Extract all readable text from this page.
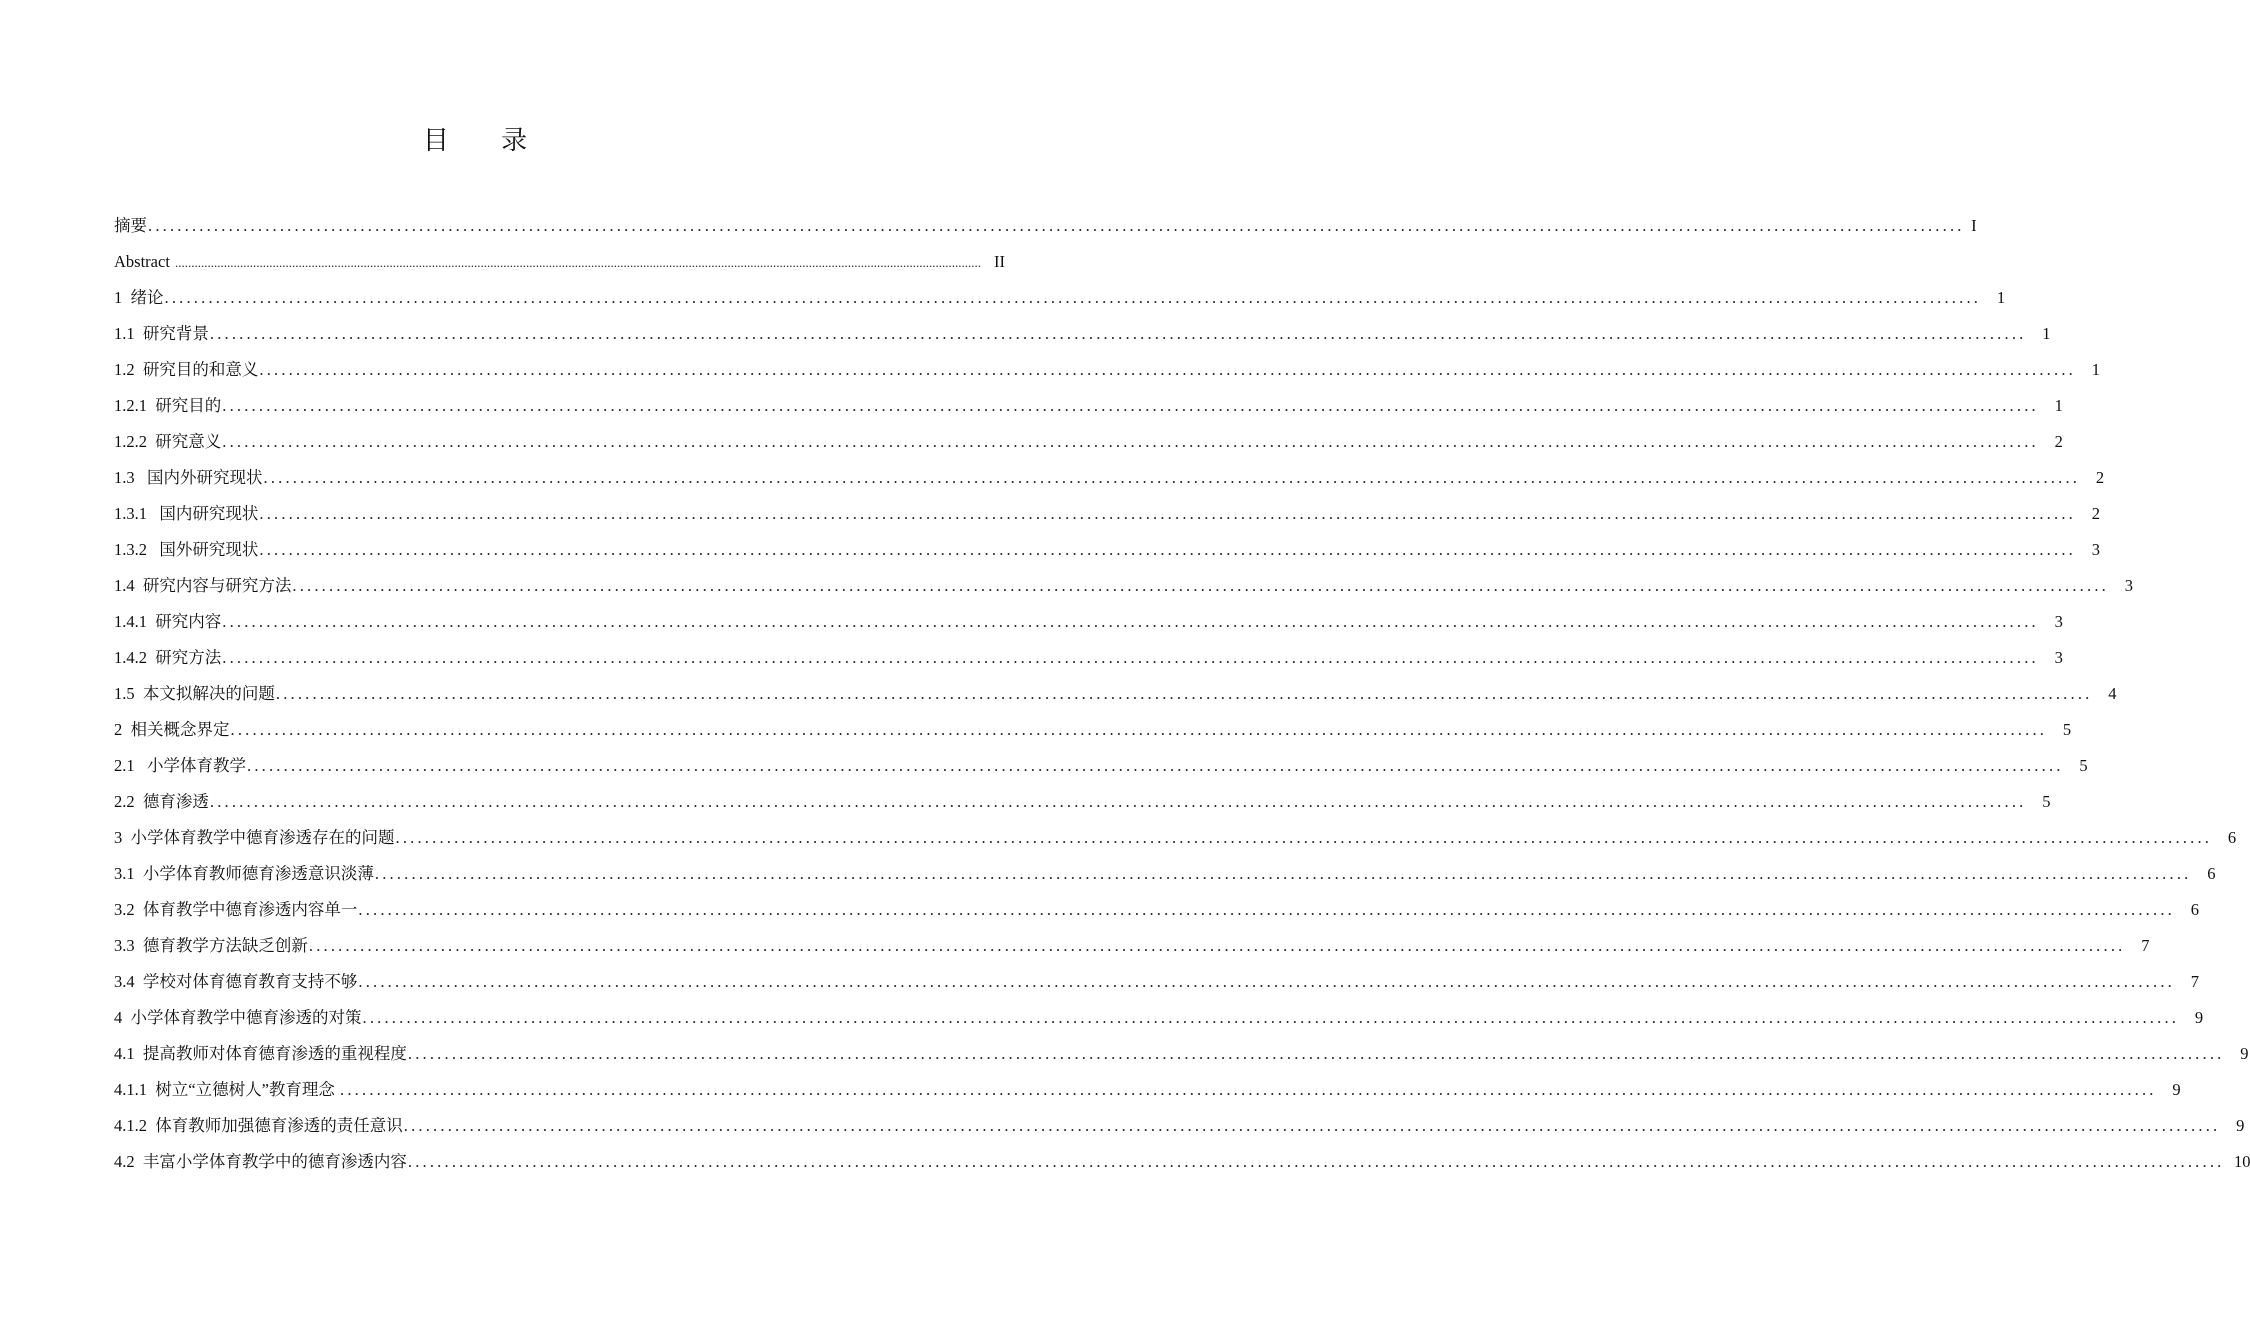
目 录
摘要 ........................................................................................................................................................................................................................................................ I
Abstract ........................................................................................................................................................................................................................................................ II
1  绪论 ........................................................................................................................................................................................................................................................ 1
1.1  研究背景 ........................................................................................................................................................................................................................................................ 1
1.2  研究目的和意义 ........................................................................................................................................................................................................................................................ 1
1.2.1  研究目的 ........................................................................................................................................................................................................................................................ 1
1.2.2  研究意义 ........................................................................................................................................................................................................................................................ 2
1.3   国内外研究现状 ........................................................................................................................................................................................................................................................ 2
1.3.1   国内研究现状 ........................................................................................................................................................................................................................................................ 2
1.3.2   国外研究现状 ........................................................................................................................................................................................................................................................ 3
1.4  研究内容与研究方法 ........................................................................................................................................................................................................................................................ 3
1.4.1  研究内容 ........................................................................................................................................................................................................................................................ 3
1.4.2  研究方法 ........................................................................................................................................................................................................................................................ 3
1.5  本文拟解决的问题 ........................................................................................................................................................................................................................................................ 4
2  相关概念界定 ........................................................................................................................................................................................................................................................ 5
2.1   小学体育教学 ........................................................................................................................................................................................................................................................ 5
2.2  德育渗透 ........................................................................................................................................................................................................................................................ 5
3  小学体育教学中德育渗透存在的问题 ........................................................................................................................................................................................................................................................ 6
3.1  小学体育教师德育渗透意识淡薄 ........................................................................................................................................................................................................................................................ 6
3.2  体育教学中德育渗透内容单一 ........................................................................................................................................................................................................................................................ 6
3.3  德育教学方法缺乏创新 ........................................................................................................................................................................................................................................................ 7
3.4  学校对体育德育教育支持不够 ........................................................................................................................................................................................................................................................ 7
4  小学体育教学中德育渗透的对策 ........................................................................................................................................................................................................................................................ 9
4.1  提高教师对体育德育渗透的重视程度 ........................................................................................................................................................................................................................................................ 9
4.1.1  树立“立德树人”教育理念 ........................................................................................................................................................................................................................................................ 9
4.1.2  体育教师加强德育渗透的责任意识 ........................................................................................................................................................................................................................................................ 9
4.2  丰富小学体育教学中的德育渗透内容 ........................................................................................................................................................................................................................................................ 10
